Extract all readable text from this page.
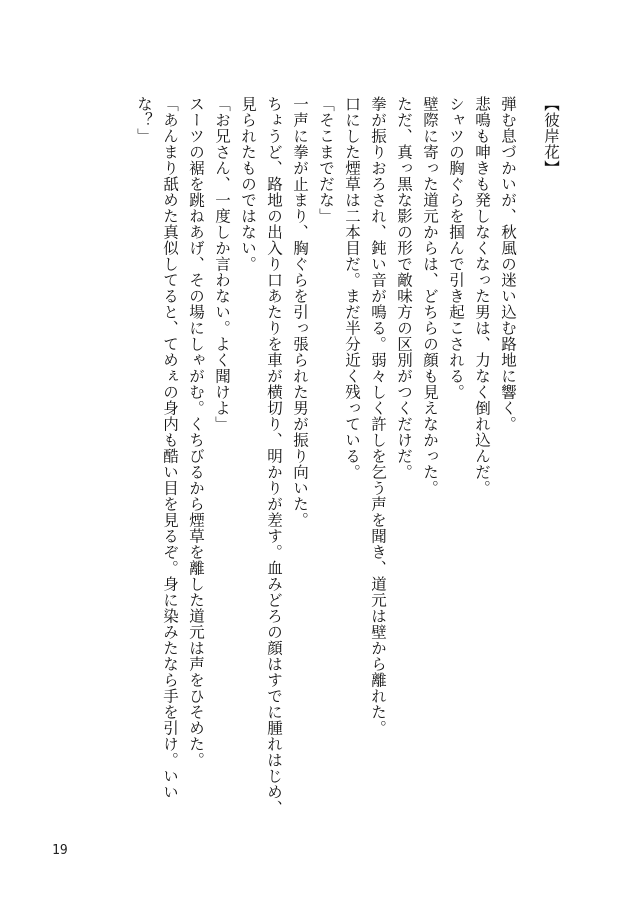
【彼岸花】
弾む息づかいが、秋風の迷い込む路地に響く。
悲鳴も呻きも発しなくなった男は、力なく倒れ込んだ。
シャツの胸ぐらを掴んで引き起こされる。
壁際に寄った道元からは、どちらの顔も見えなかった。
ただ、真っ黒な影の形で敵味方の区別がつくだけだ。
拳が振りおろされ、鈍い音が鳴る。弱々しく許しを乞う声を聞き、道元は壁から離れた。
口にした煙草は二本目だ。まだ半分近く残っている。
「そこまでだな」
一声に拳が止まり、胸ぐらを引っ張られた男が振り向いた。
ちょうど、路地の出入り口あたりを車が横切り、明かりが差す。血みどろの顔はすでに腫れはじめ、
見られたものではない。
「お兄さん、一度しか言わない。よく聞けよ」
スーツの裾を跳ねあげ、その場にしゃがむ。くちびるから煙草を離した道元は声をひそめた。
「あんまり舐めた真似してると、てめぇの身内も酷い目を見るぞ。身に染みたなら手を引け。いい
な？」
19
